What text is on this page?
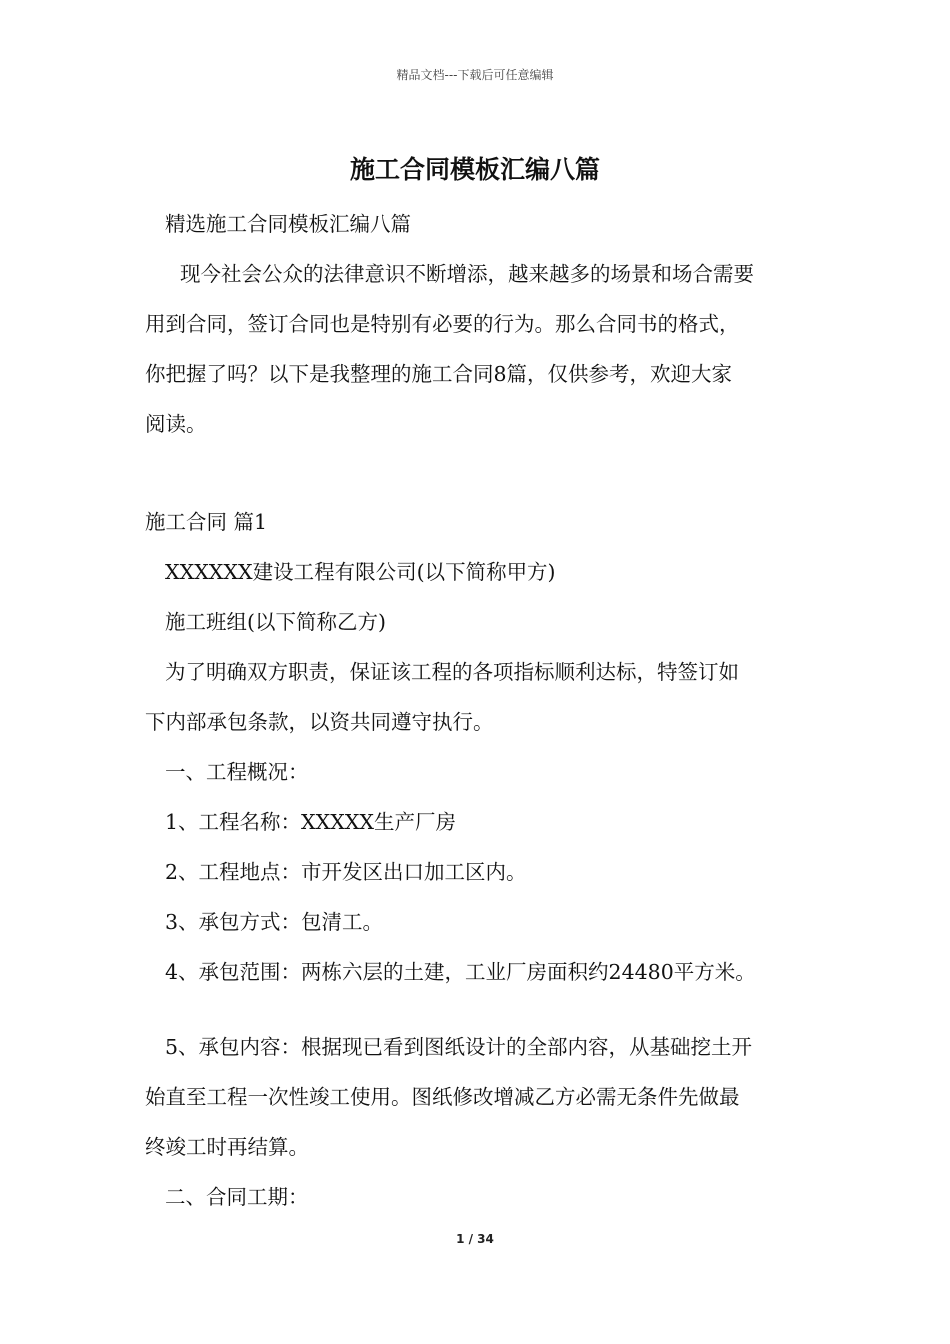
精品文档---下载后可任意编辑
施工合同模板汇编八篇
精选施工合同模板汇编八篇
现今社会公众的法律意识不断增添，越来越多的场景和场合需要
用到合同，签订合同也是特别有必要的行为。那么合同书的格式，
你把握了吗？以下是我整理的施工合同8篇，仅供参考，欢迎大家
阅读。
施工合同 篇1
XXXXXX建设工程有限公司(以下简称甲方)
施工班组(以下简称乙方)
为了明确双方职责，保证该工程的各项指标顺利达标，特签订如
下内部承包条款，以资共同遵守执行。
一、工程概况：
1、工程名称：XXXXX生产厂房
2、工程地点：市开发区出口加工区内。
3、承包方式：包清工。
4、承包范围：两栋六层的土建，工业厂房面积约24480平方米。
5、承包内容：根据现已看到图纸设计的全部内容，从基础挖土开
始直至工程一次性竣工使用。图纸修改增减乙方必需无条件先做最
终竣工时再结算。
二、合同工期：
1 / 34
